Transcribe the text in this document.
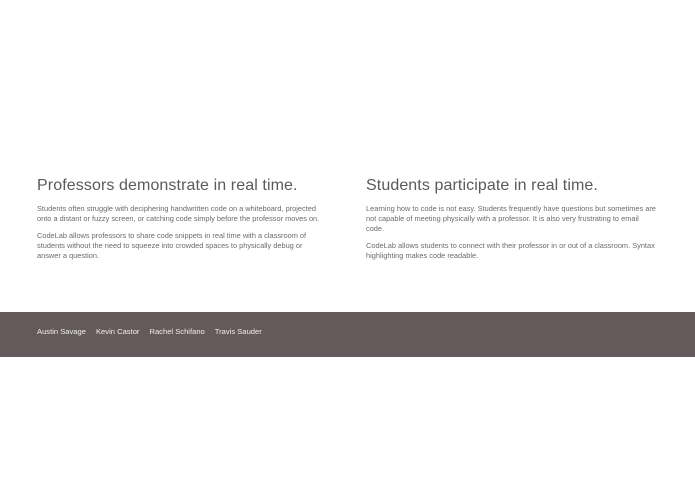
Professors demonstrate in real time.

Students often struggle with deciphering handwritten code on a whiteboard, projected onto a distant or fuzzy screen, or catching code simply before the professor moves on.

CodeLab allows professors to share code snippets in real time with a classroom of students without the need to squeeze into crowded spaces to physically debug or answer a question.

Students participate in real time.

Learning how to code is not easy. Students frequently have questions but sometimes are not capable of meeting physically with a professor. It is also very frustrating to email code.

CodeLab allows students to connect with their professor in or out of a classroom. Syntax highlighting makes code readable.

Austin Savage Kevin Castor Rachel Schifano Travis Sauder
